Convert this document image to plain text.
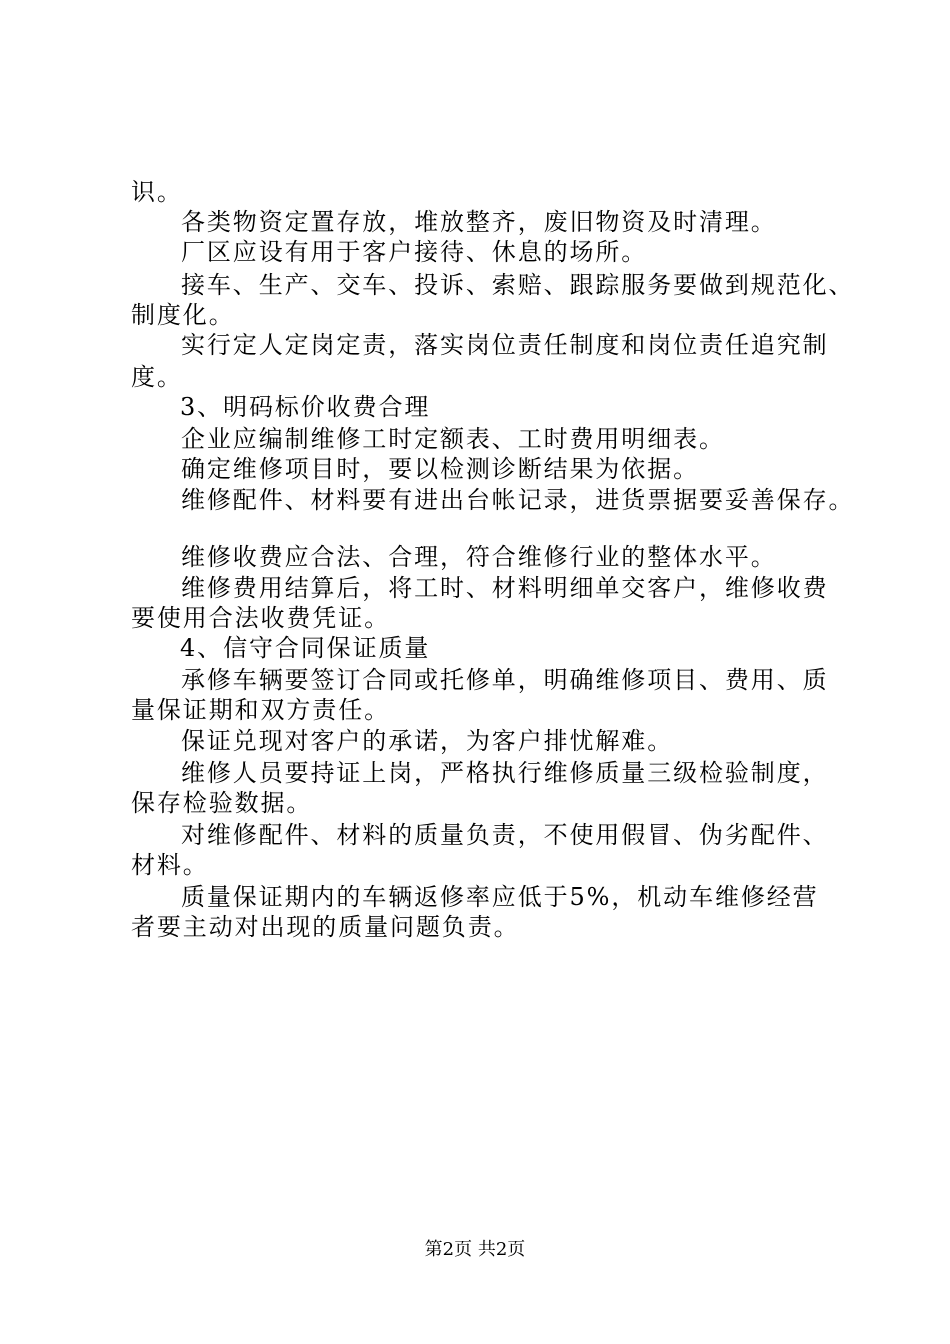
识。
各类物资定置存放，堆放整齐，废旧物资及时清理。
厂区应设有用于客户接待、休息的场所。
接车、生产、交车、投诉、索赔、跟踪服务要做到规范化、
制度化。
实行定人定岗定责，落实岗位责任制度和岗位责任追究制
度。
3、明码标价收费合理
企业应编制维修工时定额表、工时费用明细表。
确定维修项目时，要以检测诊断结果为依据。
维修配件、材料要有进出台帐记录，进货票据要妥善保存。
维修收费应合法、合理，符合维修行业的整体水平。
维修费用结算后，将工时、材料明细单交客户，维修收费
要使用合法收费凭证。
4、信守合同保证质量
承修车辆要签订合同或托修单，明确维修项目、费用、质
量保证期和双方责任。
保证兑现对客户的承诺，为客户排忧解难。
维修人员要持证上岗，严格执行维修质量三级检验制度，
保存检验数据。
对维修配件、材料的质量负责，不使用假冒、伪劣配件、
材料。
质量保证期内的车辆返修率应低于5%，机动车维修经营
者要主动对出现的质量问题负责。
第2页 共2页
